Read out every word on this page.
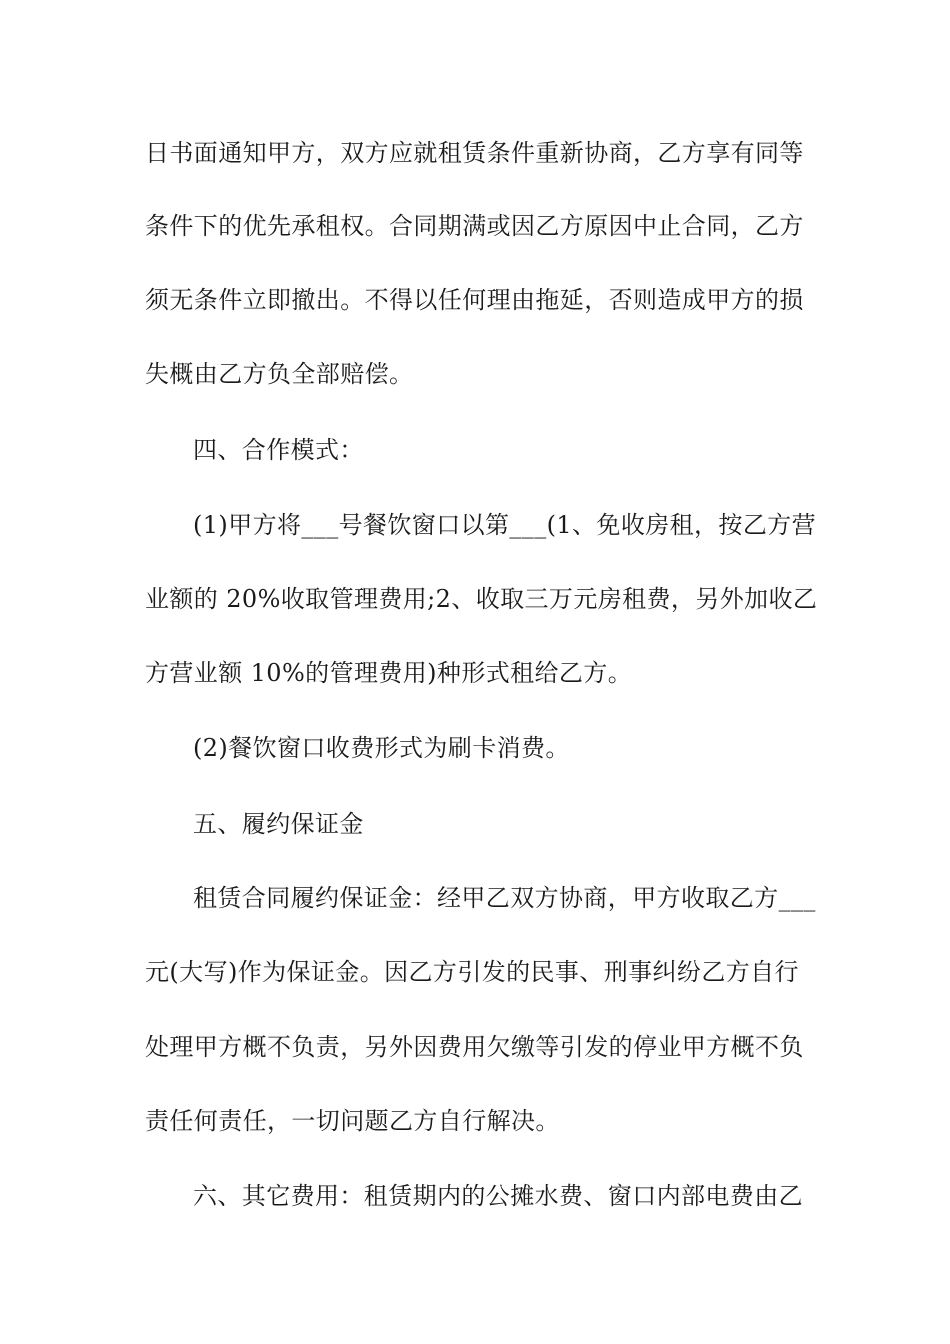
日书面通知甲方，双方应就租赁条件重新协商，乙方享有同等
条件下的优先承租权。合同期满或因乙方原因中止合同，乙方
须无条件立即撤出。不得以任何理由拖延，否则造成甲方的损
失概由乙方负全部赔偿。
四、合作模式：
(1)甲方将___号餐饮窗口以第___(1、免收房租，按乙方营
业额的 20%收取管理费用;2、收取三万元房租费，另外加收乙
方营业额 10%的管理费用)种形式租给乙方。
(2)餐饮窗口收费形式为刷卡消费。
五、履约保证金
租赁合同履约保证金：经甲乙双方协商，甲方收取乙方___
元(大写)作为保证金。因乙方引发的民事、刑事纠纷乙方自行
处理甲方概不负责，另外因费用欠缴等引发的停业甲方概不负
责任何责任，一切问题乙方自行解决。
六、其它费用：租赁期内的公摊水费、窗口内部电费由乙
